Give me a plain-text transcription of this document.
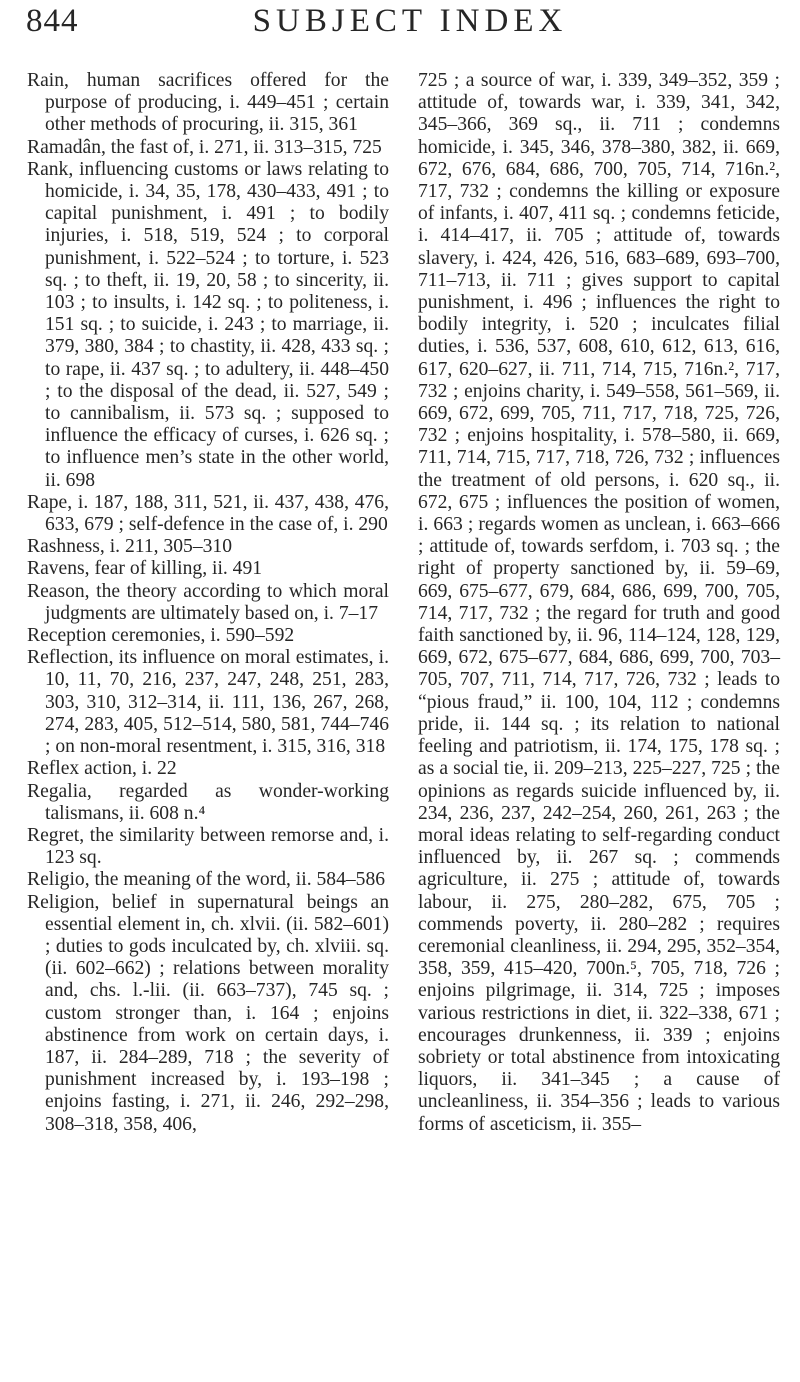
844	SUBJECT INDEX

Rain, human sacrifices offered for the purpose of producing, i. 449–451 ; certain other methods of procuring, ii. 315, 361

Ramadân, the fast of, i. 271, ii. 313–315, 725

Rank, influencing customs or laws relating to homicide, i. 34, 35, 178, 430–433, 491 ; to capital punishment, i. 491 ; to bodily injuries, i. 518, 519, 524 ; to corporal punishment, i. 522–524 ; to torture, i. 523 sq. ; to theft, ii. 19, 20, 58 ; to sincerity, ii. 103 ; to insults, i. 142 sq. ; to politeness, i. 151 sq. ; to suicide, i. 243 ; to marriage, ii. 379, 380, 384 ; to chastity, ii. 428, 433 sq. ; to rape, ii. 437 sq. ; to adultery, ii. 448–450 ; to the disposal of the dead, ii. 527, 549 ; to cannibalism, ii. 573 sq. ; supposed to influence the efficacy of curses, i. 626 sq. ; to influence men’s state in the other world, ii. 698

Rape, i. 187, 188, 311, 521, ii. 437, 438, 476, 633, 679 ; self-defence in the case of, i. 290

Rashness, i. 211, 305–310

Ravens, fear of killing, ii. 491

Reason, the theory according to which moral judgments are ultimately based on, i. 7–17

Reception ceremonies, i. 590–592

Reflection, its influence on moral estimates, i. 10, 11, 70, 216, 237, 247, 248, 251, 283, 303, 310, 312–314, ii. 111, 136, 267, 268, 274, 283, 405, 512–514, 580, 581, 744–746 ; on non-moral resentment, i. 315, 316, 318

Reflex action, i. 22

Regalia, regarded as wonder-working talismans, ii. 608 n.⁴

Regret, the similarity between remorse and, i. 123 sq.

Religio, the meaning of the word, ii. 584–586

Religion, belief in supernatural beings an essential element in, ch. xlvii. (ii. 582–601) ; duties to gods inculcated by, ch. xlviii. sq. (ii. 602–662) ; relations between morality and, chs. l.-lii. (ii. 663–737), 745 sq. ; custom stronger than, i. 164 ; enjoins abstinence from work on certain days, i. 187, ii. 284–289, 718 ; the severity of punishment increased by, i. 193–198 ; enjoins fasting, i. 271, ii. 246, 292–298, 308–318, 358, 406,

725 ; a source of war, i. 339, 349–352, 359 ; attitude of, towards war, i. 339, 341, 342, 345–366, 369 sq., ii. 711 ; condemns homicide, i. 345, 346, 378–380, 382, ii. 669, 672, 676, 684, 686, 700, 705, 714, 716n.², 717, 732 ; condemns the killing or exposure of infants, i. 407, 411 sq. ; condemns feticide, i. 414–417, ii. 705 ; attitude of, towards slavery, i. 424, 426, 516, 683–689, 693–700, 711–713, ii. 711 ; gives support to capital punishment, i. 496 ; influences the right to bodily integrity, i. 520 ; inculcates filial duties, i. 536, 537, 608, 610, 612, 613, 616, 617, 620–627, ii. 711, 714, 715, 716n.², 717, 732 ; enjoins charity, i. 549–558, 561–569, ii. 669, 672, 699, 705, 711, 717, 718, 725, 726, 732 ; enjoins hospitality, i. 578–580, ii. 669, 711, 714, 715, 717, 718, 726, 732 ; influences the treatment of old persons, i. 620 sq., ii. 672, 675 ; influences the position of women, i. 663 ; regards women as unclean, i. 663–666 ; attitude of, towards serfdom, i. 703 sq. ; the right of property sanctioned by, ii. 59–69, 669, 675–677, 679, 684, 686, 699, 700, 705, 714, 717, 732 ; the regard for truth and good faith sanctioned by, ii. 96, 114–124, 128, 129, 669, 672, 675–677, 684, 686, 699, 700, 703–705, 707, 711, 714, 717, 726, 732 ; leads to “pious fraud,” ii. 100, 104, 112 ; condemns pride, ii. 144 sq. ; its relation to national feeling and patriotism, ii. 174, 175, 178 sq. ; as a social tie, ii. 209–213, 225–227, 725 ; the opinions as regards suicide influenced by, ii. 234, 236, 237, 242–254, 260, 261, 263 ; the moral ideas relating to self-regarding conduct influenced by, ii. 267 sq. ; commends agriculture, ii. 275 ; attitude of, towards labour, ii. 275, 280–282, 675, 705 ; commends poverty, ii. 280–282 ; requires ceremonial cleanliness, ii. 294, 295, 352–354, 358, 359, 415–420, 700n.⁵, 705, 718, 726 ; enjoins pilgrimage, ii. 314, 725 ; imposes various restrictions in diet, ii. 322–338, 671 ; encourages drunkenness, ii. 339 ; enjoins sobriety or total abstinence from intoxicating liquors, ii. 341–345 ; a cause of uncleanliness, ii. 354–356 ; leads to various forms of asceticism, ii. 355–
